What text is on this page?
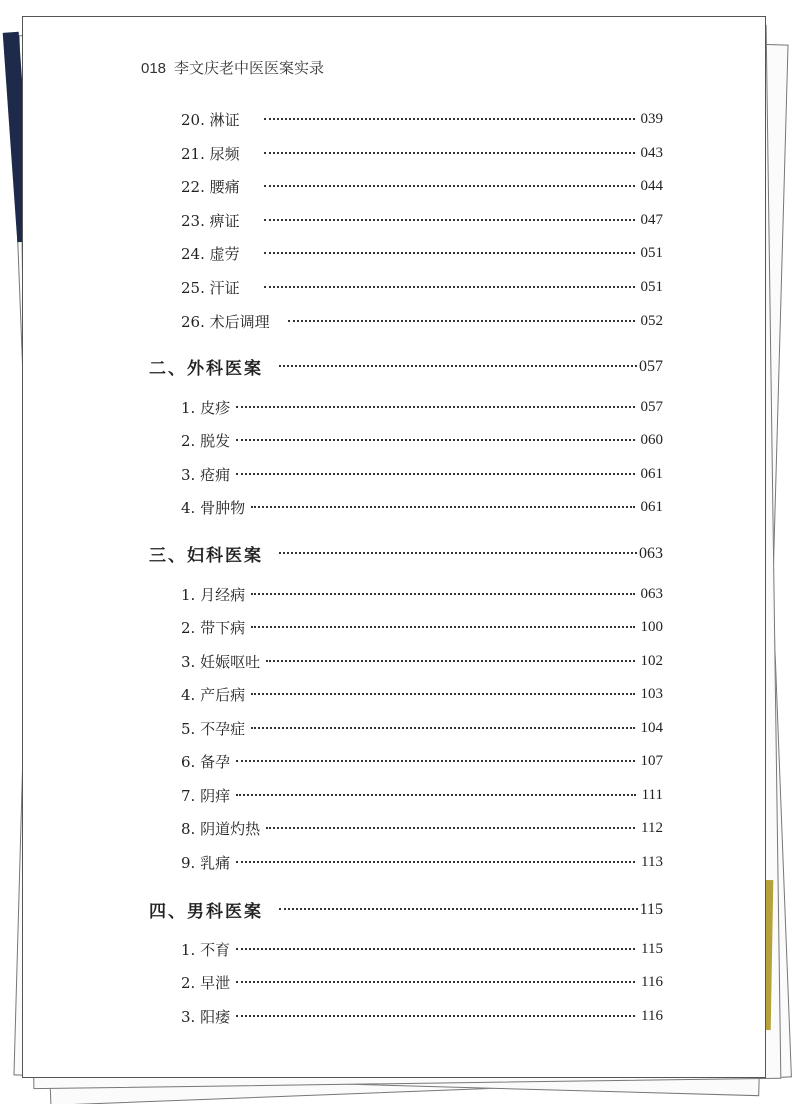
018 李文庆老中医医案实录
20. 淋证	039
21. 尿频	043
22. 腰痛	044
23. 痹证	047
24. 虚劳	051
25. 汗证	051
26. 术后调理	052
二、外科医案	057
1. 皮疹	057
2. 脱发	060
3. 疮痈	061
4. 骨肿物	061
三、妇科医案	063
1. 月经病	063
2. 带下病	100
3. 妊娠呕吐	102
4. 产后病	103
5. 不孕症	104
6. 备孕	107
7. 阴痒	111
8. 阴道灼热	112
9. 乳痛	113
四、男科医案	115
1. 不育	115
2. 早泄	116
3. 阳痿	116
